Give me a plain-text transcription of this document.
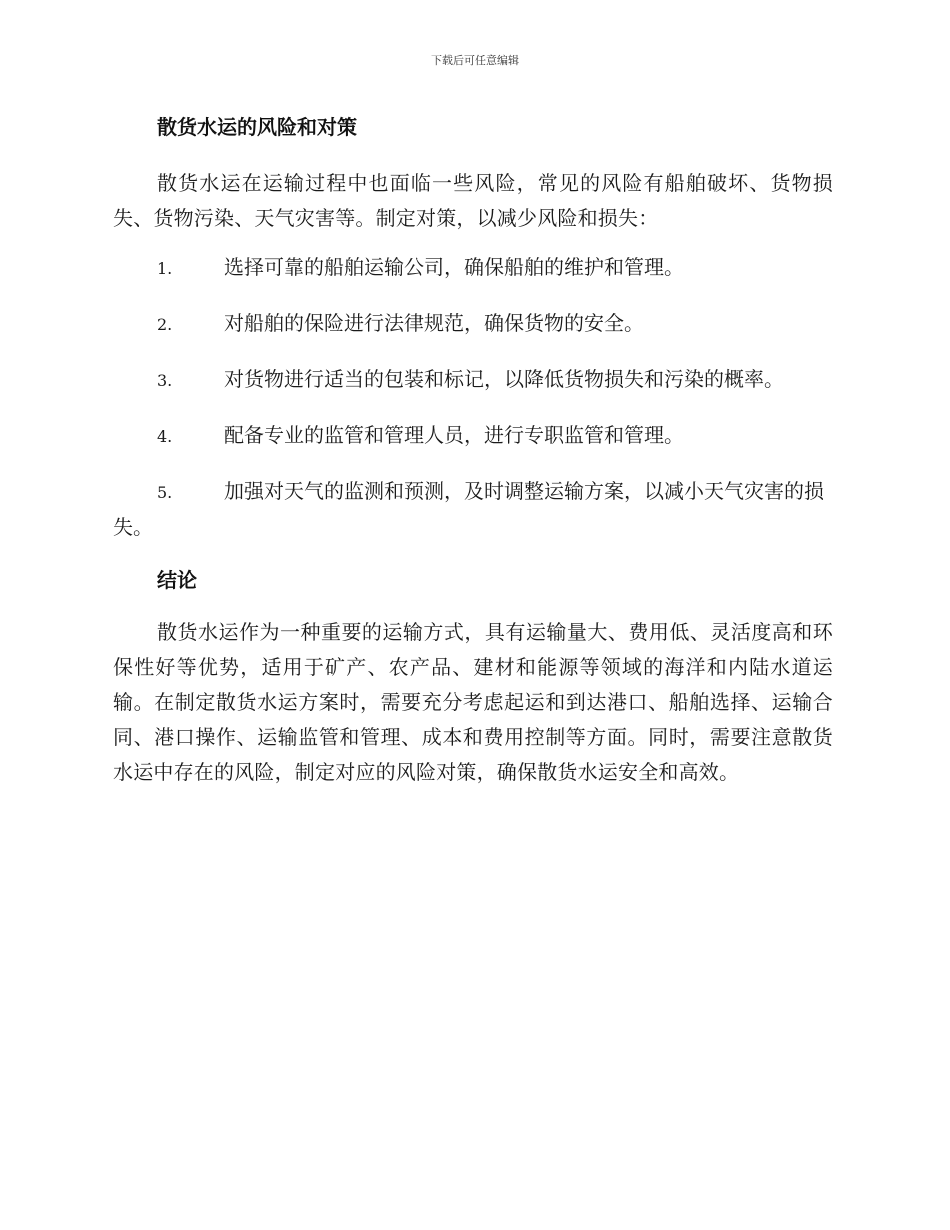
下载后可任意编辑
散货水运的风险和对策

散货水运在运输过程中也面临一些风险，常见的风险有船舶破坏、货物损失、货物污染、天气灾害等。制定对策，以减少风险和损失：

1.	选择可靠的船舶运输公司，确保船舶的维护和管理。
2.	对船舶的保险进行法律规范，确保货物的安全。
3.	对货物进行适当的包装和标记，以降低货物损失和污染的概率。
4.	配备专业的监管和管理人员，进行专职监管和管理。
5.	加强对天气的监测和预测，及时调整运输方案，以减小天气灾害的损失。
结论

散货水运作为一种重要的运输方式，具有运输量大、费用低、灵活度高和环保性好等优势，适用于矿产、农产品、建材和能源等领域的海洋和内陆水道运输。在制定散货水运方案时，需要充分考虑起运和到达港口、船舶选择、运输合同、港口操作、运输监管和管理、成本和费用控制等方面。同时，需要注意散货水运中存在的风险，制定对应的风险对策，确保散货水运安全和高效。
